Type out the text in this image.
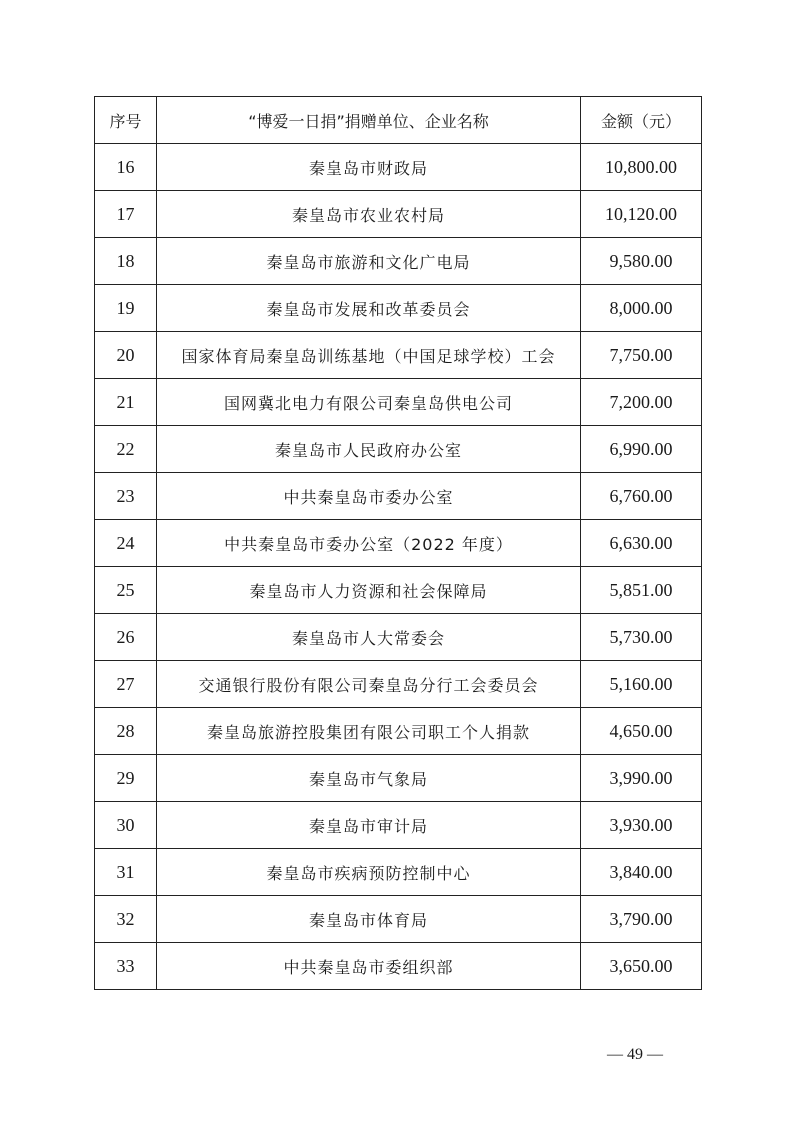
序号	“博爱一日捐”捐赠单位、企业名称	金额（元）
16	秦皇岛市财政局	10,800.00
17	秦皇岛市农业农村局	10,120.00
18	秦皇岛市旅游和文化广电局	9,580.00
19	秦皇岛市发展和改革委员会	8,000.00
20	国家体育局秦皇岛训练基地（中国足球学校）工会	7,750.00
21	国网冀北电力有限公司秦皇岛供电公司	7,200.00
22	秦皇岛市人民政府办公室	6,990.00
23	中共秦皇岛市委办公室	6,760.00
24	中共秦皇岛市委办公室（2022 年度）	6,630.00
25	秦皇岛市人力资源和社会保障局	5,851.00
26	秦皇岛市人大常委会	5,730.00
27	交通银行股份有限公司秦皇岛分行工会委员会	5,160.00
28	秦皇岛旅游控股集团有限公司职工个人捐款	4,650.00
29	秦皇岛市气象局	3,990.00
30	秦皇岛市审计局	3,930.00
31	秦皇岛市疾病预防控制中心	3,840.00
32	秦皇岛市体育局	3,790.00
33	中共秦皇岛市委组织部	3,650.00
— 49 —
